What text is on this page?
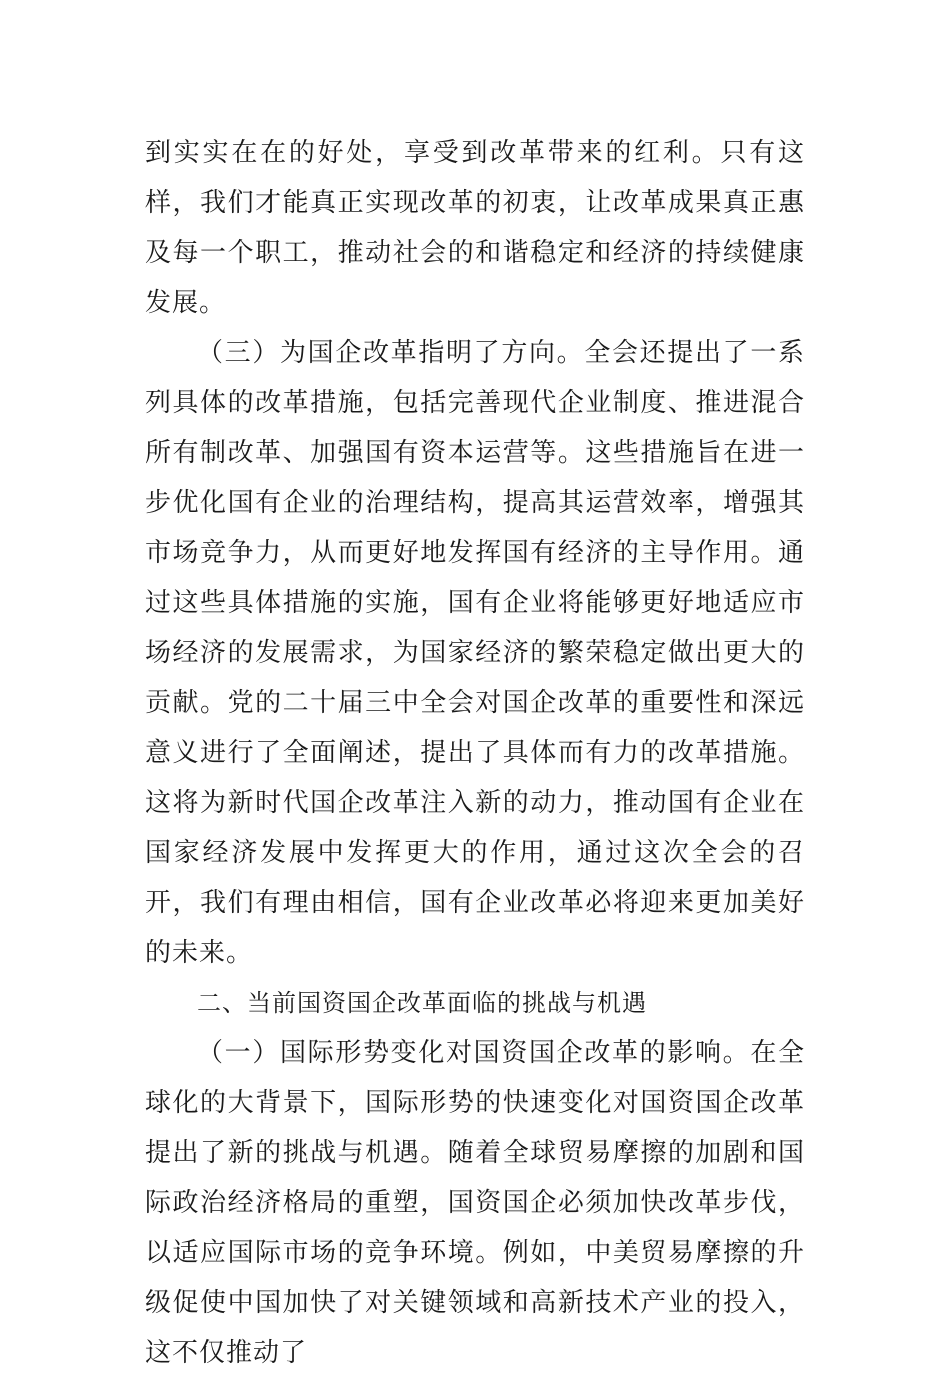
到实实在在的好处，享受到改革带来的红利。只有这样，我们才能真正实现改革的初衷，让改革成果真正惠及每一个职工，推动社会的和谐稳定和经济的持续健康发展。

（三）为国企改革指明了方向。全会还提出了一系列具体的改革措施，包括完善现代企业制度、推进混合所有制改革、加强国有资本运营等。这些措施旨在进一步优化国有企业的治理结构，提高其运营效率，增强其市场竞争力，从而更好地发挥国有经济的主导作用。通过这些具体措施的实施，国有企业将能够更好地适应市场经济的发展需求，为国家经济的繁荣稳定做出更大的贡献。党的二十届三中全会对国企改革的重要性和深远意义进行了全面阐述，提出了具体而有力的改革措施。这将为新时代国企改革注入新的动力，推动国有企业在国家经济发展中发挥更大的作用，通过这次全会的召开，我们有理由相信，国有企业改革必将迎来更加美好的未来。

二、当前国资国企改革面临的挑战与机遇

（一）国际形势变化对国资国企改革的影响。在全球化的大背景下，国际形势的快速变化对国资国企改革提出了新的挑战与机遇。随着全球贸易摩擦的加剧和国际政治经济格局的重塑，国资国企必须加快改革步伐，以适应国际市场的竞争环境。例如，中美贸易摩擦的升级促使中国加快了对关键领域和高新技术产业的投入，这不仅推动了
